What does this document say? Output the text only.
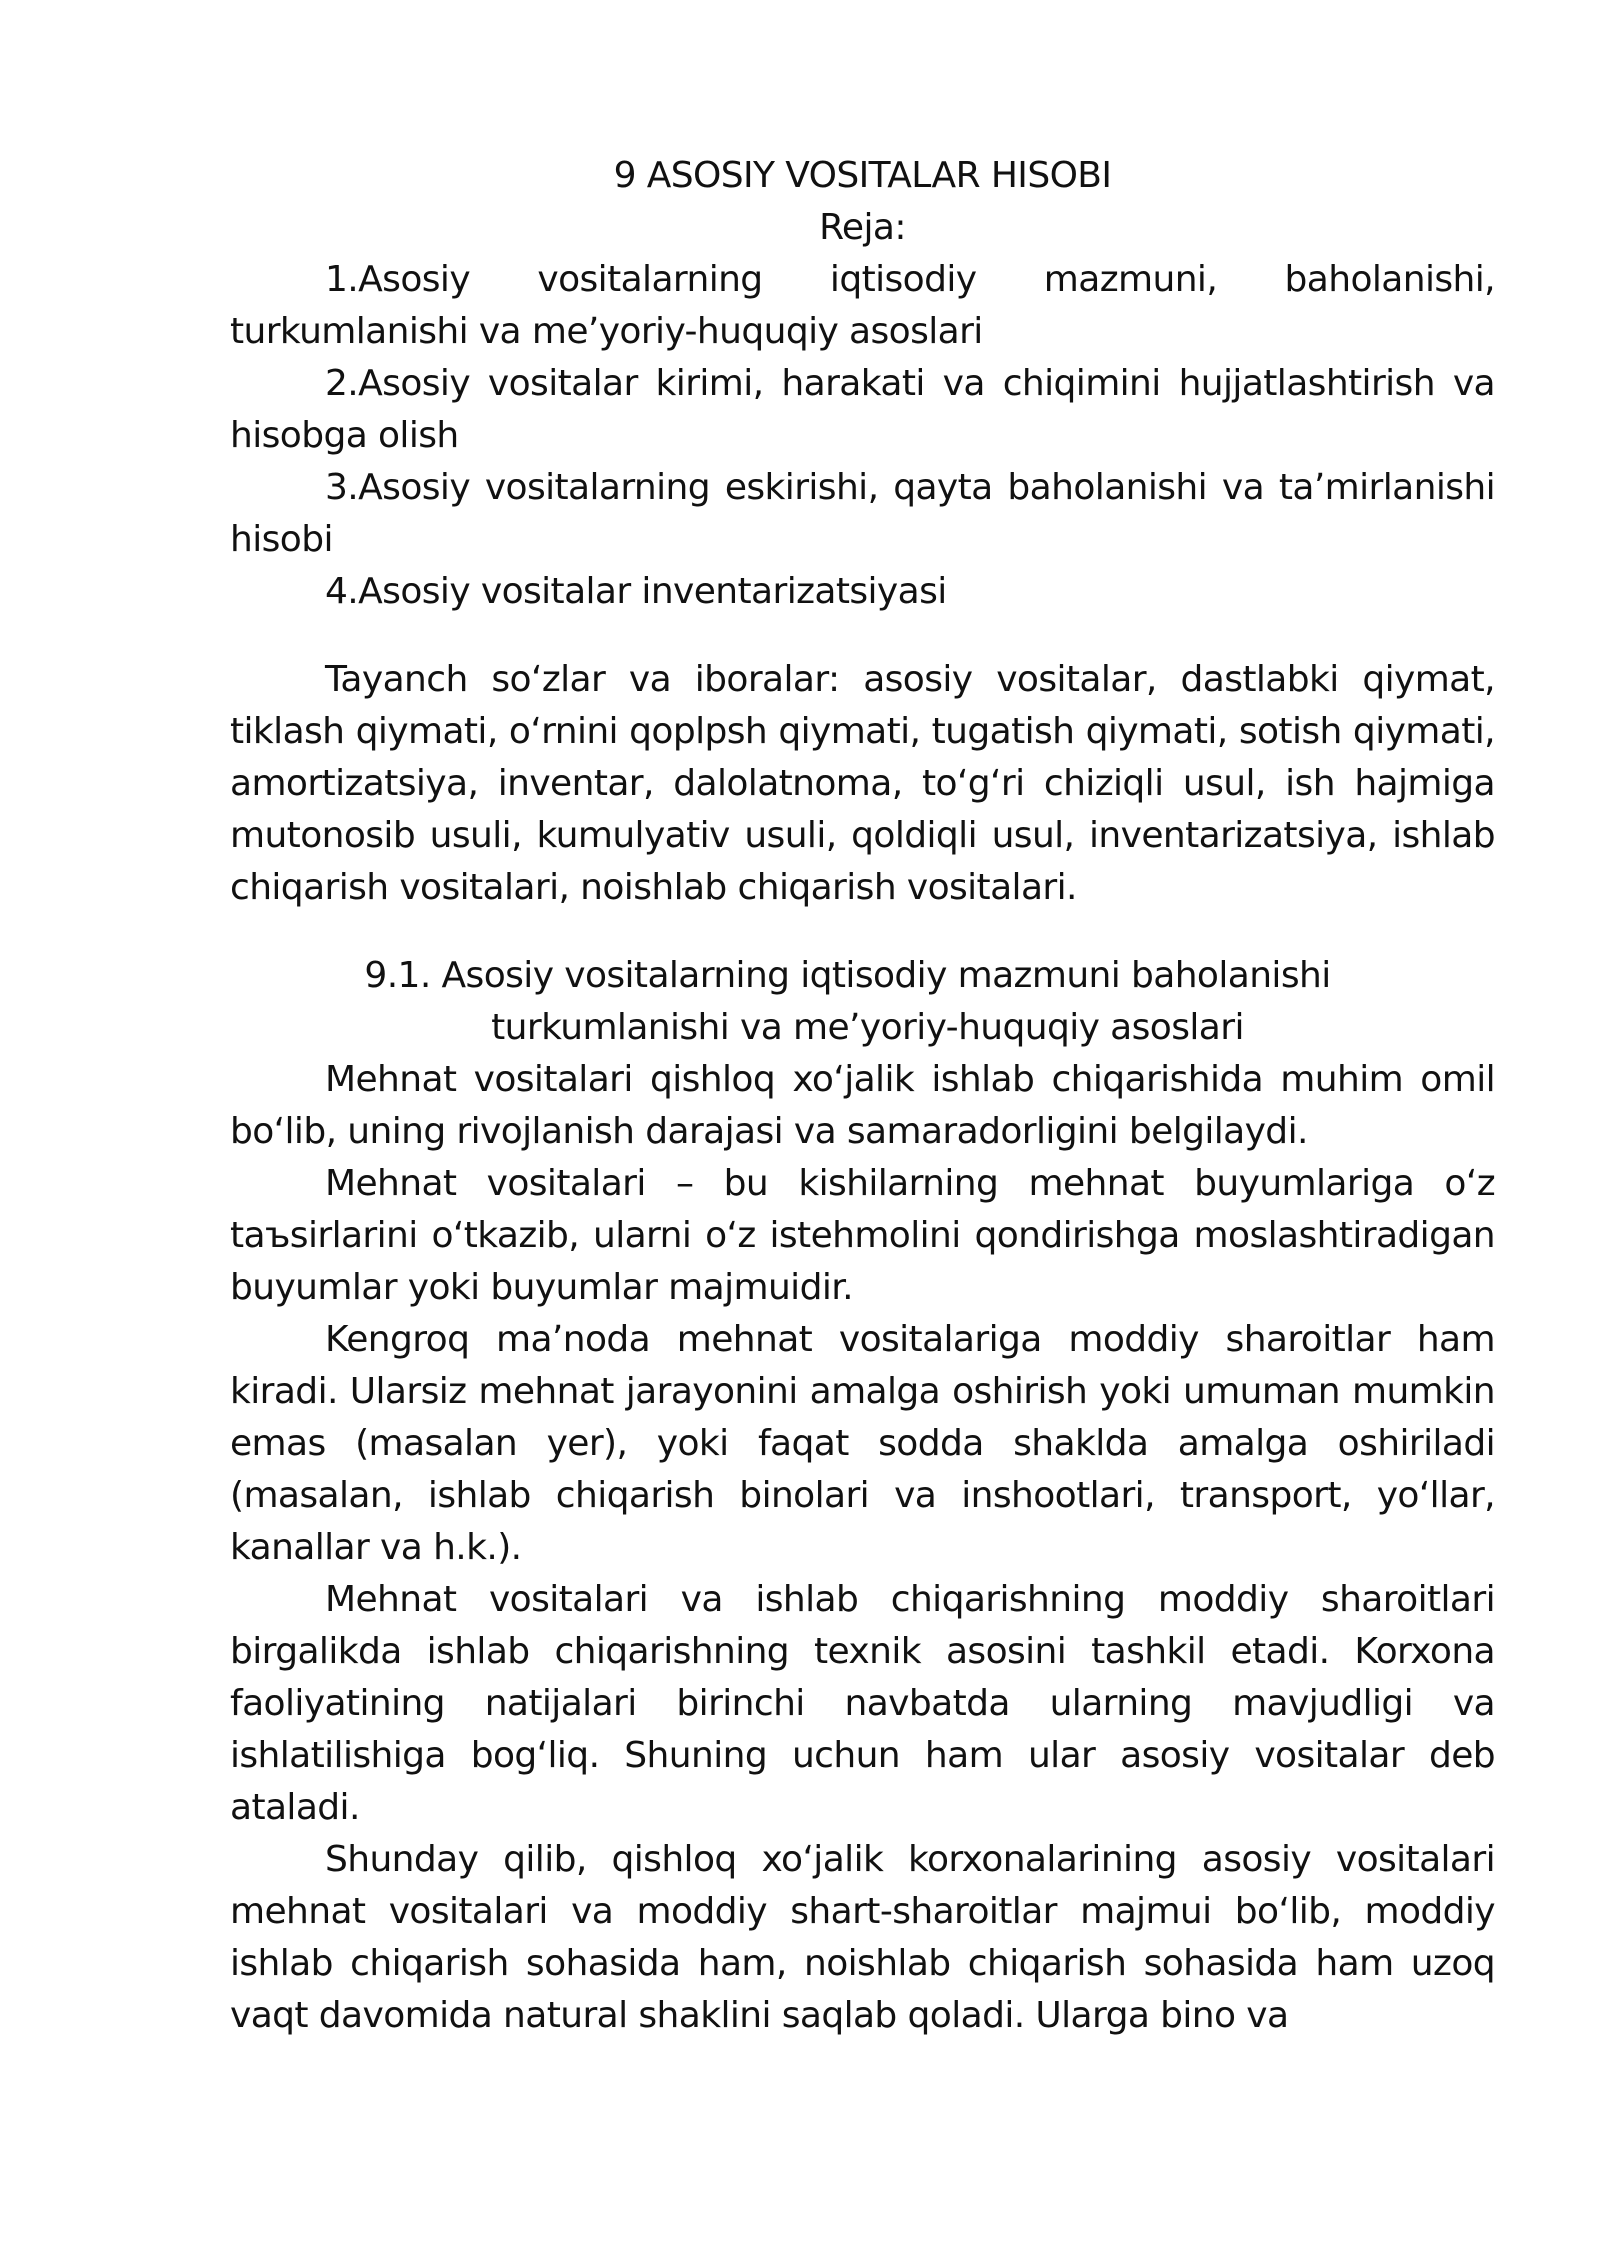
9 ASOSIY VOSITALAR HISOBI

Reja:

1.Asosiy vositalarning iqtisodiy mazmuni, baholanishi, turkumlanishi va me’yoriy-huquqiy asoslari

2.Asosiy vositalar kirimi, harakati va chiqimini hujjatlashtirish va hisobga olish

3.Asosiy vositalarning eskirishi, qayta baholanishi va ta’mirlanishi hisobi

4.Asosiy vositalar inventarizatsiyasi

Tayanch so‘zlar va iboralar: asosiy vositalar, dastlabki qiymat, tiklash qiymati, o‘rnini qoplpsh qiymati, tugatish qiymati, sotish qiymati, amortizatsiya, inventar, dalolatnoma, to‘g‘ri chiziqli usul, ish hajmiga mutonosib usuli, kumulyativ usuli, qoldiqli usul, inventarizatsiya, ishlab chiqarish vositalari, noishlab chiqarish vositalari.

9.1. Asosiy vositalarning iqtisodiy mazmuni baholanishi
turkumlanishi va me’yoriy-huquqiy asoslari

Mehnat vositalari qishloq xo‘jalik ishlab chiqarishida muhim omil bo‘lib, uning rivojlanish darajasi va samaradorligini belgilaydi.

Mehnat vositalari – bu kishilarning mehnat buyumlariga o‘z taъsirlarini o‘tkazib, ularni o‘z istehmolini qondirishga moslashtiradigan buyumlar yoki buyumlar majmuidir.

Kengroq ma’noda mehnat vositalariga moddiy sharoitlar ham kiradi. Ularsiz mehnat jarayonini amalga oshirish yoki umuman mumkin emas (masalan yer), yoki faqat sodda shaklda amalga oshiriladi (masalan, ishlab chiqarish binolari va inshootlari, transport, yo‘llar, kanallar va h.k.).

Mehnat vositalari va ishlab chiqarishning moddiy sharoitlari birgalikda ishlab chiqarishning texnik asosini tashkil etadi. Korxona faoliyatining natijalari birinchi navbatda ularning mavjudligi va ishlatilishiga bog‘liq. Shuning uchun ham ular asosiy vositalar deb ataladi.

Shunday qilib, qishloq xo‘jalik korxonalarining asosiy vositalari mehnat vositalari va moddiy shart-sharoitlar majmui bo‘lib, moddiy ishlab chiqarish sohasida ham, noishlab chiqarish sohasida ham uzoq vaqt davomida natural shaklini saqlab qoladi. Ularga bino va
